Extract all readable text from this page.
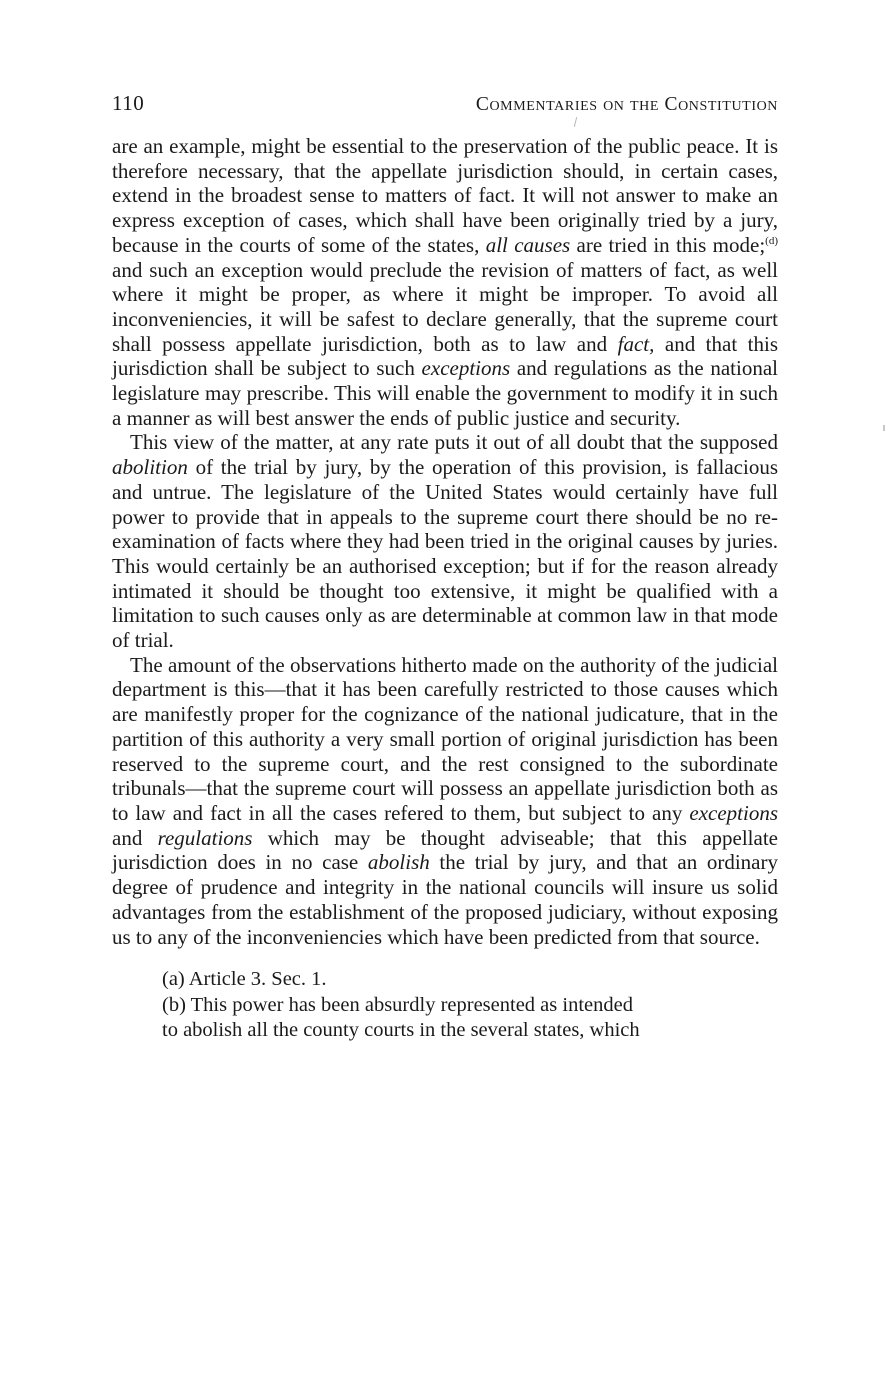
110	Commentaries on the Constitution

are an example, might be essential to the preservation of the public peace. It is therefore necessary, that the appellate jurisdiction should, in certain cases, extend in the broadest sense to matters of fact. It will not answer to make an express exception of cases, which shall have been originally tried by a jury, because in the courts of some of the states, all causes are tried in this mode;$^{(d)}$ and such an exception would preclude the revision of matters of fact, as well where it might be proper, as where it might be improper. To avoid all inconveniencies, it will be safest to declare generally, that the supreme court shall possess appellate jurisdiction, both as to law and fact, and that this jurisdiction shall be subject to such exceptions and regulations as the national legislature may prescribe. This will enable the government to modify it in such a manner as will best answer the ends of public justice and security.

This view of the matter, at any rate puts it out of all doubt that the supposed abolition of the trial by jury, by the operation of this provision, is fallacious and untrue. The legislature of the United States would certainly have full power to provide that in appeals to the supreme court there should be no re-examination of facts where they had been tried in the original causes by juries. This would certainly be an authorised exception; but if for the reason already intimated it should be thought too extensive, it might be qualified with a limitation to such causes only as are determinable at common law in that mode of trial.

The amount of the observations hitherto made on the authority of the judicial department is this—that it has been carefully restricted to those causes which are manifestly proper for the cognizance of the national judicature, that in the partition of this authority a very small portion of original jurisdiction has been reserved to the supreme court, and the rest consigned to the subordinate tribunals—that the supreme court will possess an appellate jurisdiction both as to law and fact in all the cases refered to them, but subject to any exceptions and regulations which may be thought adviseable; that this appellate jurisdiction does in no case abolish the trial by jury, and that an ordinary degree of prudence and integrity in the national councils will insure us solid advantages from the establishment of the proposed judiciary, without exposing us to any of the inconveniencies which have been predicted from that source.

(a) Article 3. Sec. 1.

(b) This power has been absurdly represented as intended

to abolish all the county courts in the several states, which
